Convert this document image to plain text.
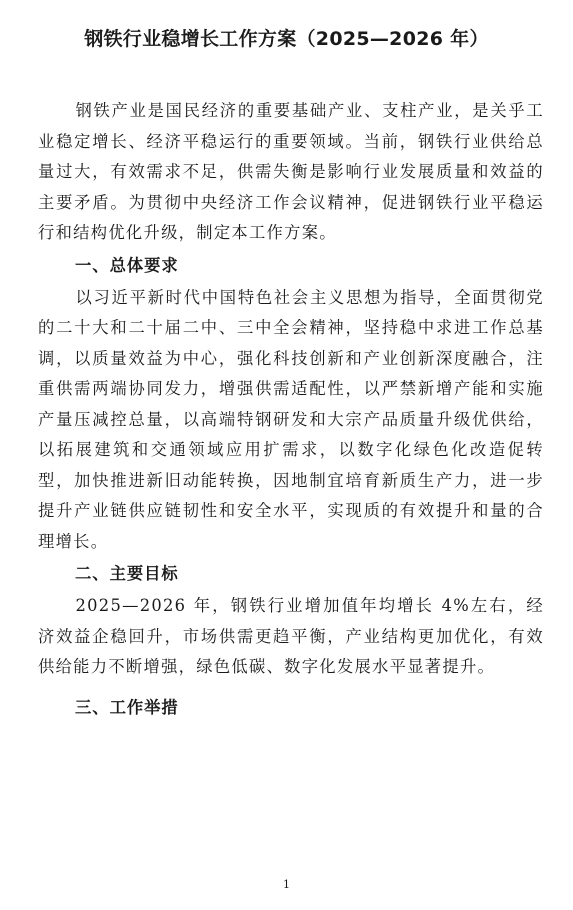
钢铁行业稳增长工作方案（2025—2026 年）

钢铁产业是国民经济的重要基础产业、支柱产业，是关乎工业稳定增长、经济平稳运行的重要领域。当前，钢铁行业供给总量过大，有效需求不足，供需失衡是影响行业发展质量和效益的主要矛盾。为贯彻中央经济工作会议精神，促进钢铁行业平稳运行和结构优化升级，制定本工作方案。

一、总体要求

以习近平新时代中国特色社会主义思想为指导，全面贯彻党的二十大和二十届二中、三中全会精神，坚持稳中求进工作总基调，以质量效益为中心，强化科技创新和产业创新深度融合，注重供需两端协同发力，增强供需适配性，以严禁新增产能和实施产量压减控总量，以高端特钢研发和大宗产品质量升级优供给，以拓展建筑和交通领域应用扩需求，以数字化绿色化改造促转型，加快推进新旧动能转换，因地制宜培育新质生产力，进一步提升产业链供应链韧性和安全水平，实现质的有效提升和量的合理增长。

二、主要目标

2025—2026 年，钢铁行业增加值年均增长 4%左右，经济效益企稳回升，市场供需更趋平衡，产业结构更加优化，有效供给能力不断增强，绿色低碳、数字化发展水平显著提升。

三、工作举措
1
